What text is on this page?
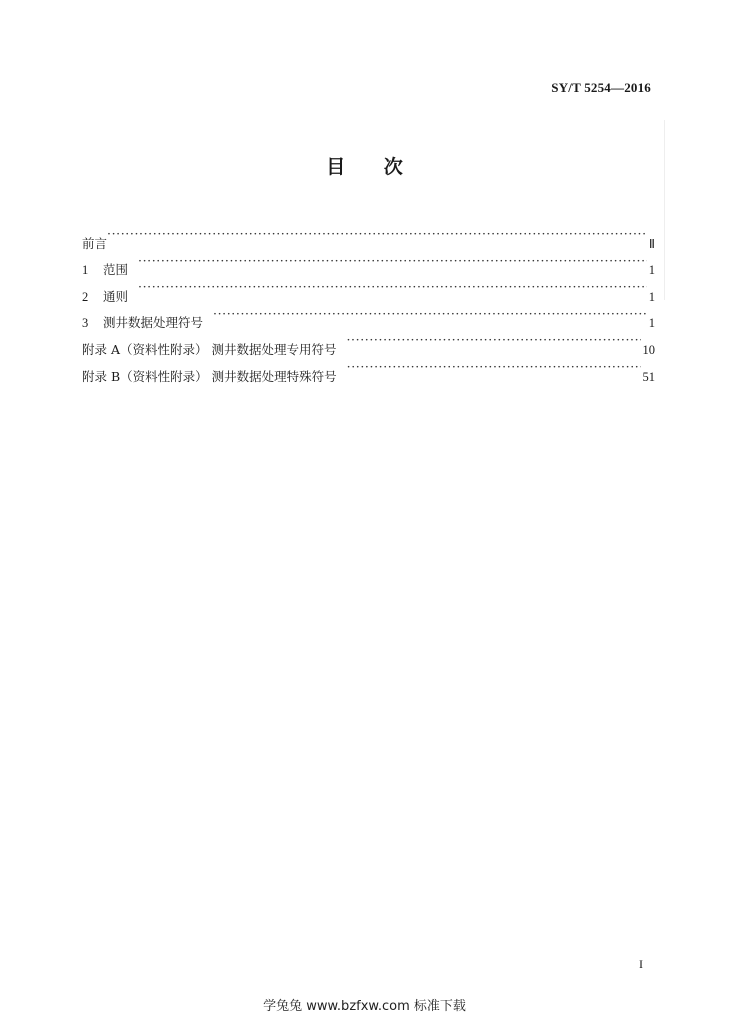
SY/T 5254—2016
目 次
前言 ·····	Ⅱ
1	范围 ·····	1
2	通则 ·····	1
3	测井数据处理符号 ·····	1
附录 A（资料性附录） 测井数据处理专用符号 ·····	10
附录 B（资料性附录） 测井数据处理特殊符号 ·····	51
I
学兔兔 www.bzfxw.com 标准下载
